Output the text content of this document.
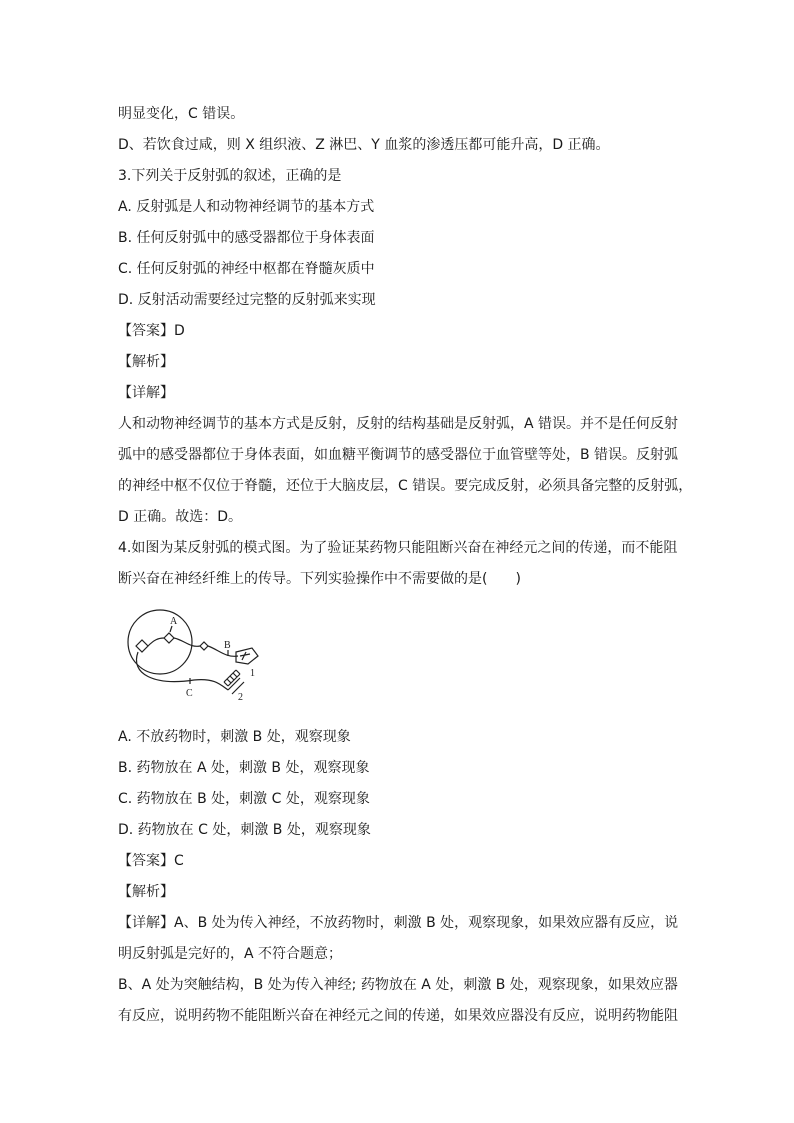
明显变化，C 错误。
D、若饮食过咸，则 X 组织液、Z 淋巴、Y 血浆的渗透压都可能升高，D 正确。
3.下列关于反射弧的叙述，正确的是
A. 反射弧是人和动物神经调节的基本方式
B. 任何反射弧中的感受器都位于身体表面
C. 任何反射弧的神经中枢都在脊髓灰质中
D. 反射活动需要经过完整的反射弧来实现
【答案】D
【解析】
【详解】
人和动物神经调节的基本方式是反射，反射的结构基础是反射弧，A 错误。并不是任何反射
弧中的感受器都位于身体表面，如血糖平衡调节的感受器位于血管壁等处，B 错误。反射弧
的神经中枢不仅位于脊髓，还位于大脑皮层，C 错误。要完成反射，必须具备完整的反射弧，
D 正确。故选：D。
4.如图为某反射弧的模式图。为了验证某药物只能阻断兴奋在神经元之间的传递，而不能阻
断兴奋在神经纤维上的传导。下列实验操作中不需要做的是(　　)
A
B
C
1
2
A. 不放药物时，刺激 B 处，观察现象
B. 药物放在 A 处，刺激 B 处，观察现象
C. 药物放在 B 处，刺激 C 处，观察现象
D. 药物放在 C 处，刺激 B 处，观察现象
【答案】C
【解析】
【详解】A、B 处为传入神经，不放药物时，刺激 B 处，观察现象，如果效应器有反应，说
明反射弧是完好的，A 不符合题意；
B、A 处为突触结构，B 处为传入神经; 药物放在 A 处，刺激 B 处，观察现象，如果效应器
有反应，说明药物不能阻断兴奋在神经元之间的传递，如果效应器没有反应，说明药物能阻
